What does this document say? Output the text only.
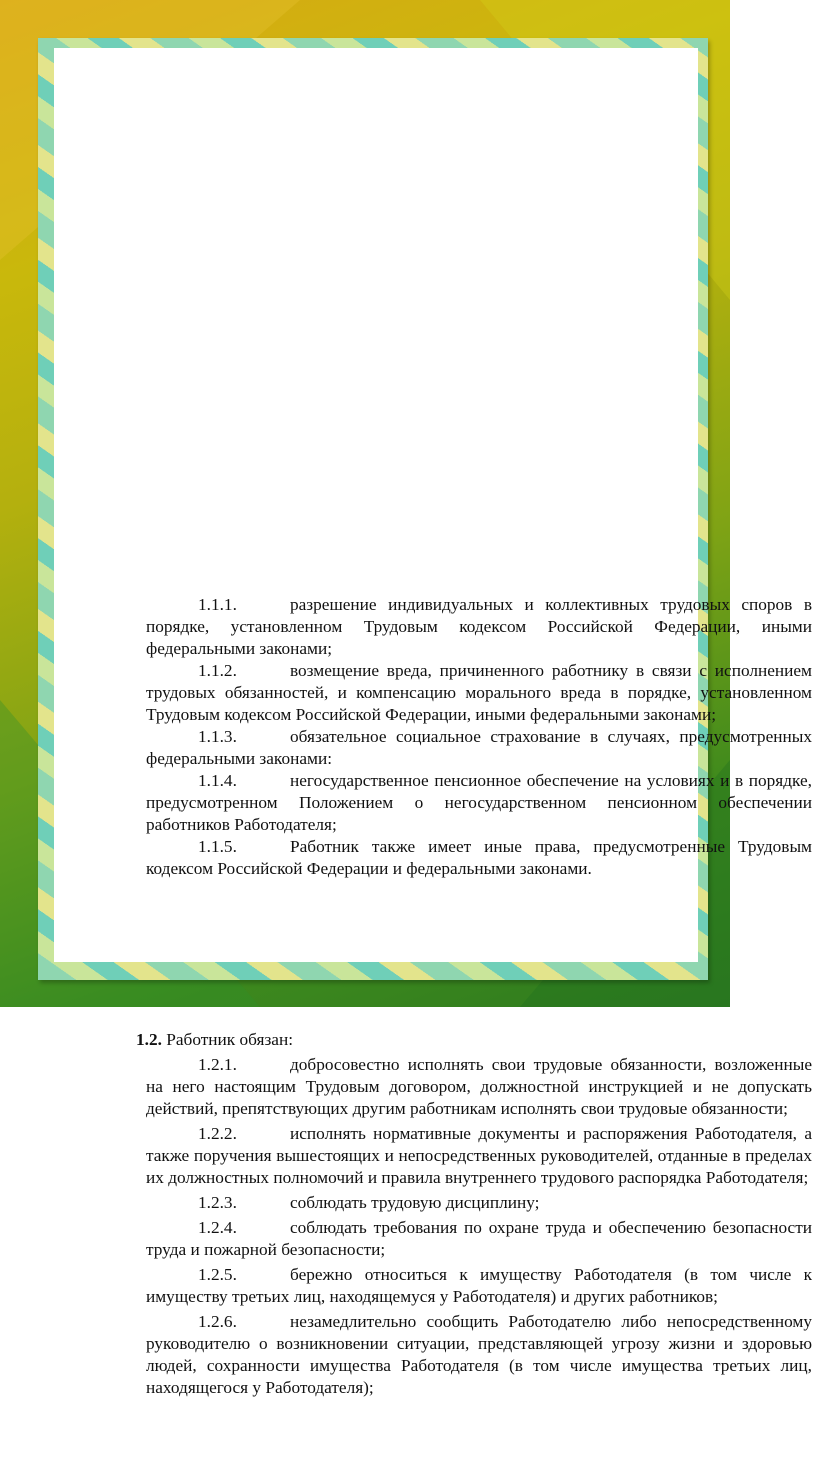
1.1.1.	разрешение индивидуальных и коллективных трудовых споров в порядке, установленном Трудовым кодексом Российской Федерации, иными федеральными законами;

1.1.2.	возмещение вреда, причиненного работнику в связи с исполнением трудовых обязанностей, и компенсацию морального вреда в порядке, установленном Трудовым кодексом Российской Федерации, иными федеральными законами;

1.1.3.	обязательное социальное страхование в случаях, предусмотренных федеральными законами:

1.1.4.	негосударственное пенсионное обеспечение на условиях и в порядке, предусмотренном Положением о негосударственном пенсионном обеспечении работников Работодателя;

1.1.5.	Работник также имеет иные права, предусмотренные Трудовым кодексом Российской Федерации и федеральными законами.

1.2. Работник обязан:

1.2.1.	добросовестно исполнять свои трудовые обязанности, возложенные на него настоящим Трудовым договором, должностной инструкцией и не допускать действий, препятствующих другим работникам исполнять свои трудовые обязанности;

1.2.2.	исполнять нормативные документы и распоряжения Работодателя, а также поручения вышестоящих и непосредственных руководителей, отданные в пределах их должностных полномочий и правила внутреннего трудового распорядка Работодателя;

1.2.3.	соблюдать трудовую дисциплину;

1.2.4.	соблюдать требования по охране труда и обеспечению безопасности труда и пожарной безопасности;

1.2.5.	бережно относиться к имуществу Работодателя (в том числе к имуществу третьих лиц, находящемуся у Работодателя) и других работников;

1.2.6.	незамедлительно сообщить Работодателю либо непосредственному руководителю о возникновении ситуации, представляющей угрозу жизни и здоровью людей, сохранности имущества Работодателя (в том числе имущества третьих лиц, находящегося у Работодателя);
